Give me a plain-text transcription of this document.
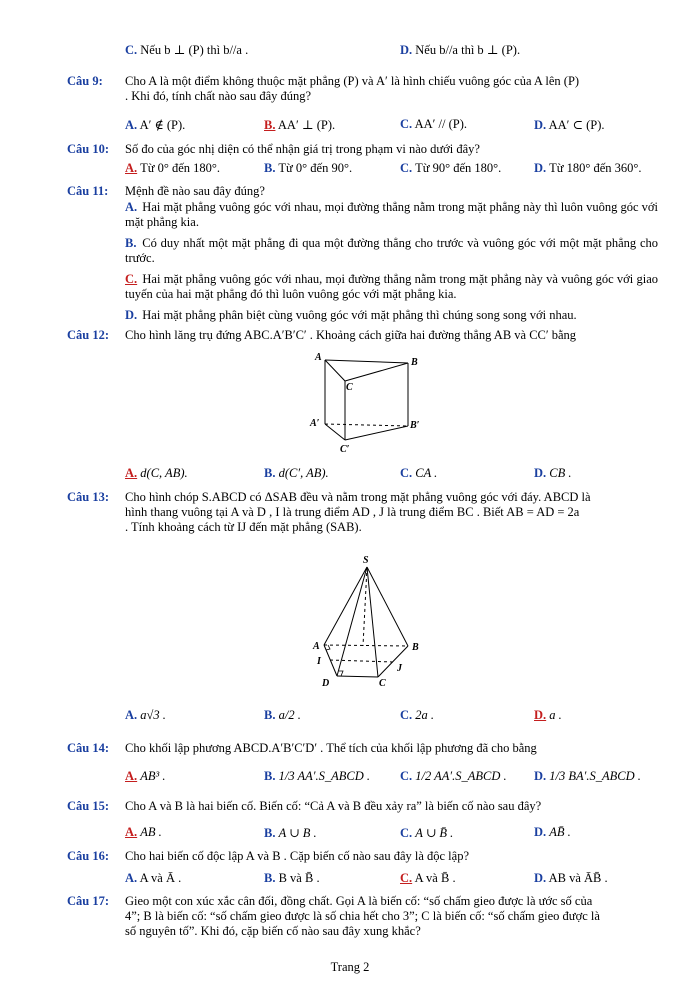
C. Nếu b ⊥ (P) thì b//a .	D. Nếu b//a thì b ⊥ (P).
Câu 9: Cho A là một điểm không thuộc mặt phẳng (P) và A′ là hình chiếu vuông góc của A lên (P)
. Khi đó, tính chất nào sau đây đúng?
A. A′ ∉ (P).	B. AA′ ⊥ (P).	C. AA′ // (P).	D. AA′ ⊂ (P).
Câu 10: Số đo của góc nhị diện có thể nhận giá trị trong phạm vi nào dưới đây?
A. Từ 0° đến 180°.	B. Từ 0° đến 90°.	C. Từ 90° đến 180°.	D. Từ 180° đến 360°.
Câu 11: Mệnh đề nào sau đây đúng?
A. Hai mặt phẳng vuông góc với nhau, mọi đường thẳng nằm trong mặt phẳng này thì luôn vuông góc với mặt phẳng kia.
B. Có duy nhất một mặt phẳng đi qua một đường thẳng cho trước và vuông góc với một mặt phẳng cho trước.
C. Hai mặt phẳng vuông góc với nhau, mọi đường thẳng nằm trong mặt phẳng này và vuông góc với giao tuyến của hai mặt phẳng đó thì luôn vuông góc với mặt phẳng kia.
D. Hai mặt phẳng phân biệt cùng vuông góc với mặt phẳng thì chúng song song với nhau.
Câu 12: Cho hình lăng trụ đứng ABC.A′B′C′ . Khoảng cách giữa hai đường thẳng AB và CC′ bằng
A	B
C
A′	B′
C′
A. d(C, AB).	B. d(C′, AB).	C. CA .	D. CB .
Câu 13: Cho hình chóp S.ABCD có ΔSAB đều và nằm trong mặt phẳng vuông góc với đáy. ABCD là
hình thang vuông tại A và D , I là trung điểm AD , J là trung điểm BC . Biết AB = AD = 2a
. Tính khoảng cách từ IJ đến mặt phẳng (SAB).
S
A	B
I
J
D	C
A. a√3 .	B. a/2 .	C. 2a .	D. a .
Câu 14: Cho khối lập phương ABCD.A′B′C′D′ . Thể tích của khối lập phương đã cho bằng
A. AB³ .	B. 1/3 AA′.S_ABCD . C. 1/2 AA′.S_ABCD . D. 1/3 BA′.S_ABCD .
Câu 15: Cho A và B là hai biến cố. Biến cố: “Cả A và B đều xảy ra” là biến cố nào sau đây?
A. AB .	B. A ∪ B .	C. A ∪ B̄ .	D. AB̄ .
Câu 16: Cho hai biến cố độc lập A và B . Cặp biến cố nào sau đây là độc lập?
A. A và Ā .	B. B và B̄ .	C. A và B̄ .	D. AB và ĀB̄ .
Câu 17: Gieo một con xúc xắc cân đối, đồng chất. Gọi A là biến cố: “số chấm gieo được là ước số của
4”; B là biến cố: “số chấm gieo được là số chia hết cho 3”; C là biến cố: “số chấm gieo được là
số nguyên tố”. Khi đó, cặp biến cố nào sau đây xung khắc?
Trang 2
